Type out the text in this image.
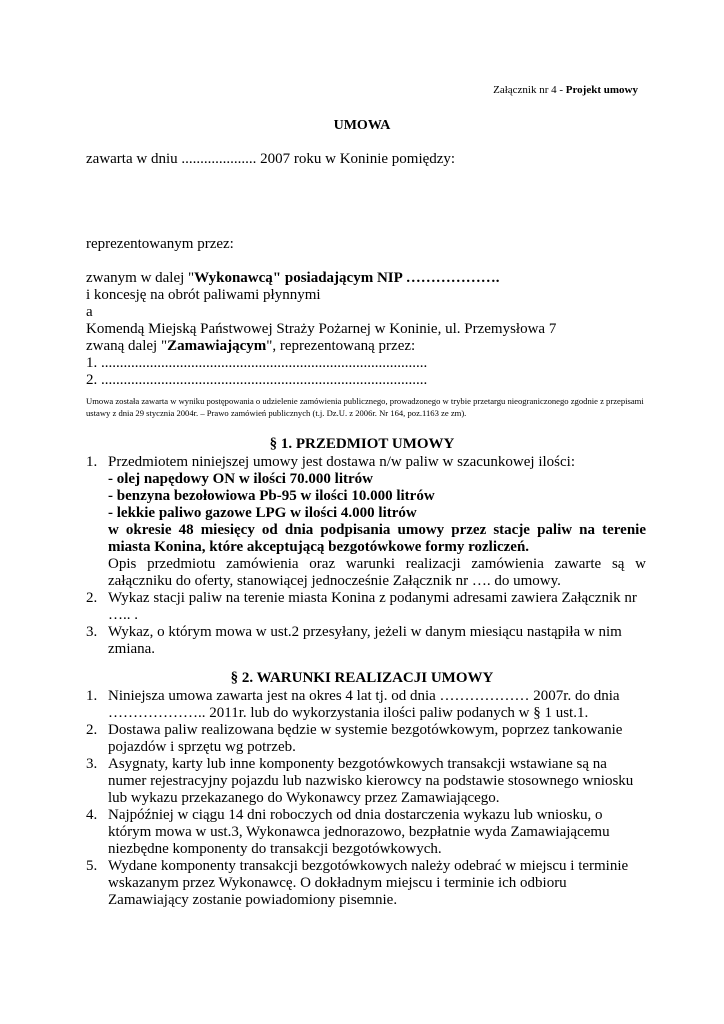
Załącznik nr 4 - Projekt umowy
UMOWA
zawarta w dniu .................... 2007 roku w Koninie pomiędzy:
reprezentowanym przez:
zwanym w dalej "Wykonawcą" posiadającym NIP ……………….
i koncesję na obrót paliwami płynnymi
a
Komendą Miejską Państwowej Straży Pożarnej w Koninie, ul. Przemysłowa 7
zwaną dalej "Zamawiającym", reprezentowaną przez:
1. .......................................................................................
2. .......................................................................................
Umowa została zawarta w wyniku postępowania o udzielenie zamówienia publicznego, prowadzonego w trybie przetargu nieograniczonego zgodnie z przepisami ustawy z dnia 29 stycznia 2004r. – Prawo zamówień publicznych (t.j. Dz.U. z 2006r. Nr 164, poz.1163 ze zm).
§ 1. PRZEDMIOT UMOWY
1. Przedmiotem niniejszej umowy jest dostawa n/w paliw w szacunkowej ilości:
- olej napędowy ON w ilości 70.000 litrów
- benzyna bezołowiowa Pb-95 w ilości 10.000 litrów
- lekkie paliwo gazowe LPG w ilości 4.000 litrów
w okresie 48 miesięcy od dnia podpisania umowy przez stacje paliw na terenie miasta Konina, które akceptującą bezgotówkowe formy rozliczeń.
Opis przedmiotu zamówienia oraz warunki realizacji zamówienia zawarte są w załączniku do oferty, stanowiącej jednocześnie Załącznik nr …. do umowy.
2. Wykaz stacji paliw na terenie miasta Konina z podanymi adresami zawiera Załącznik nr ….. .
3. Wykaz, o którym mowa w ust.2 przesyłany, jeżeli w danym miesiącu nastąpiła w nim zmiana.
§ 2. WARUNKI REALIZACJI UMOWY
1. Niniejsza umowa zawarta jest na okres 4 lat tj. od dnia ……………… 2007r. do dnia ……………….. 2011r. lub do wykorzystania ilości paliw podanych w § 1 ust.1.
2. Dostawa paliw realizowana będzie w systemie bezgotówkowym, poprzez tankowanie pojazdów i sprzętu wg potrzeb.
3. Asygnaty, karty lub inne komponenty bezgotówkowych transakcji wstawiane są na numer rejestracyjny pojazdu lub nazwisko kierowcy na podstawie stosownego wniosku lub wykazu przekazanego do Wykonawcy przez Zamawiającego.
4. Najpóźniej w ciągu 14 dni roboczych od dnia dostarczenia wykazu lub wniosku, o którym mowa w ust.3, Wykonawca jednorazowo, bezpłatnie wyda Zamawiającemu niezbędne komponenty do transakcji bezgotówkowych.
5. Wydane komponenty transakcji bezgotówkowych należy odebrać w miejscu i terminie wskazanym przez Wykonawcę. O dokładnym miejscu i terminie ich odbioru Zamawiający zostanie powiadomiony pisemnie.
